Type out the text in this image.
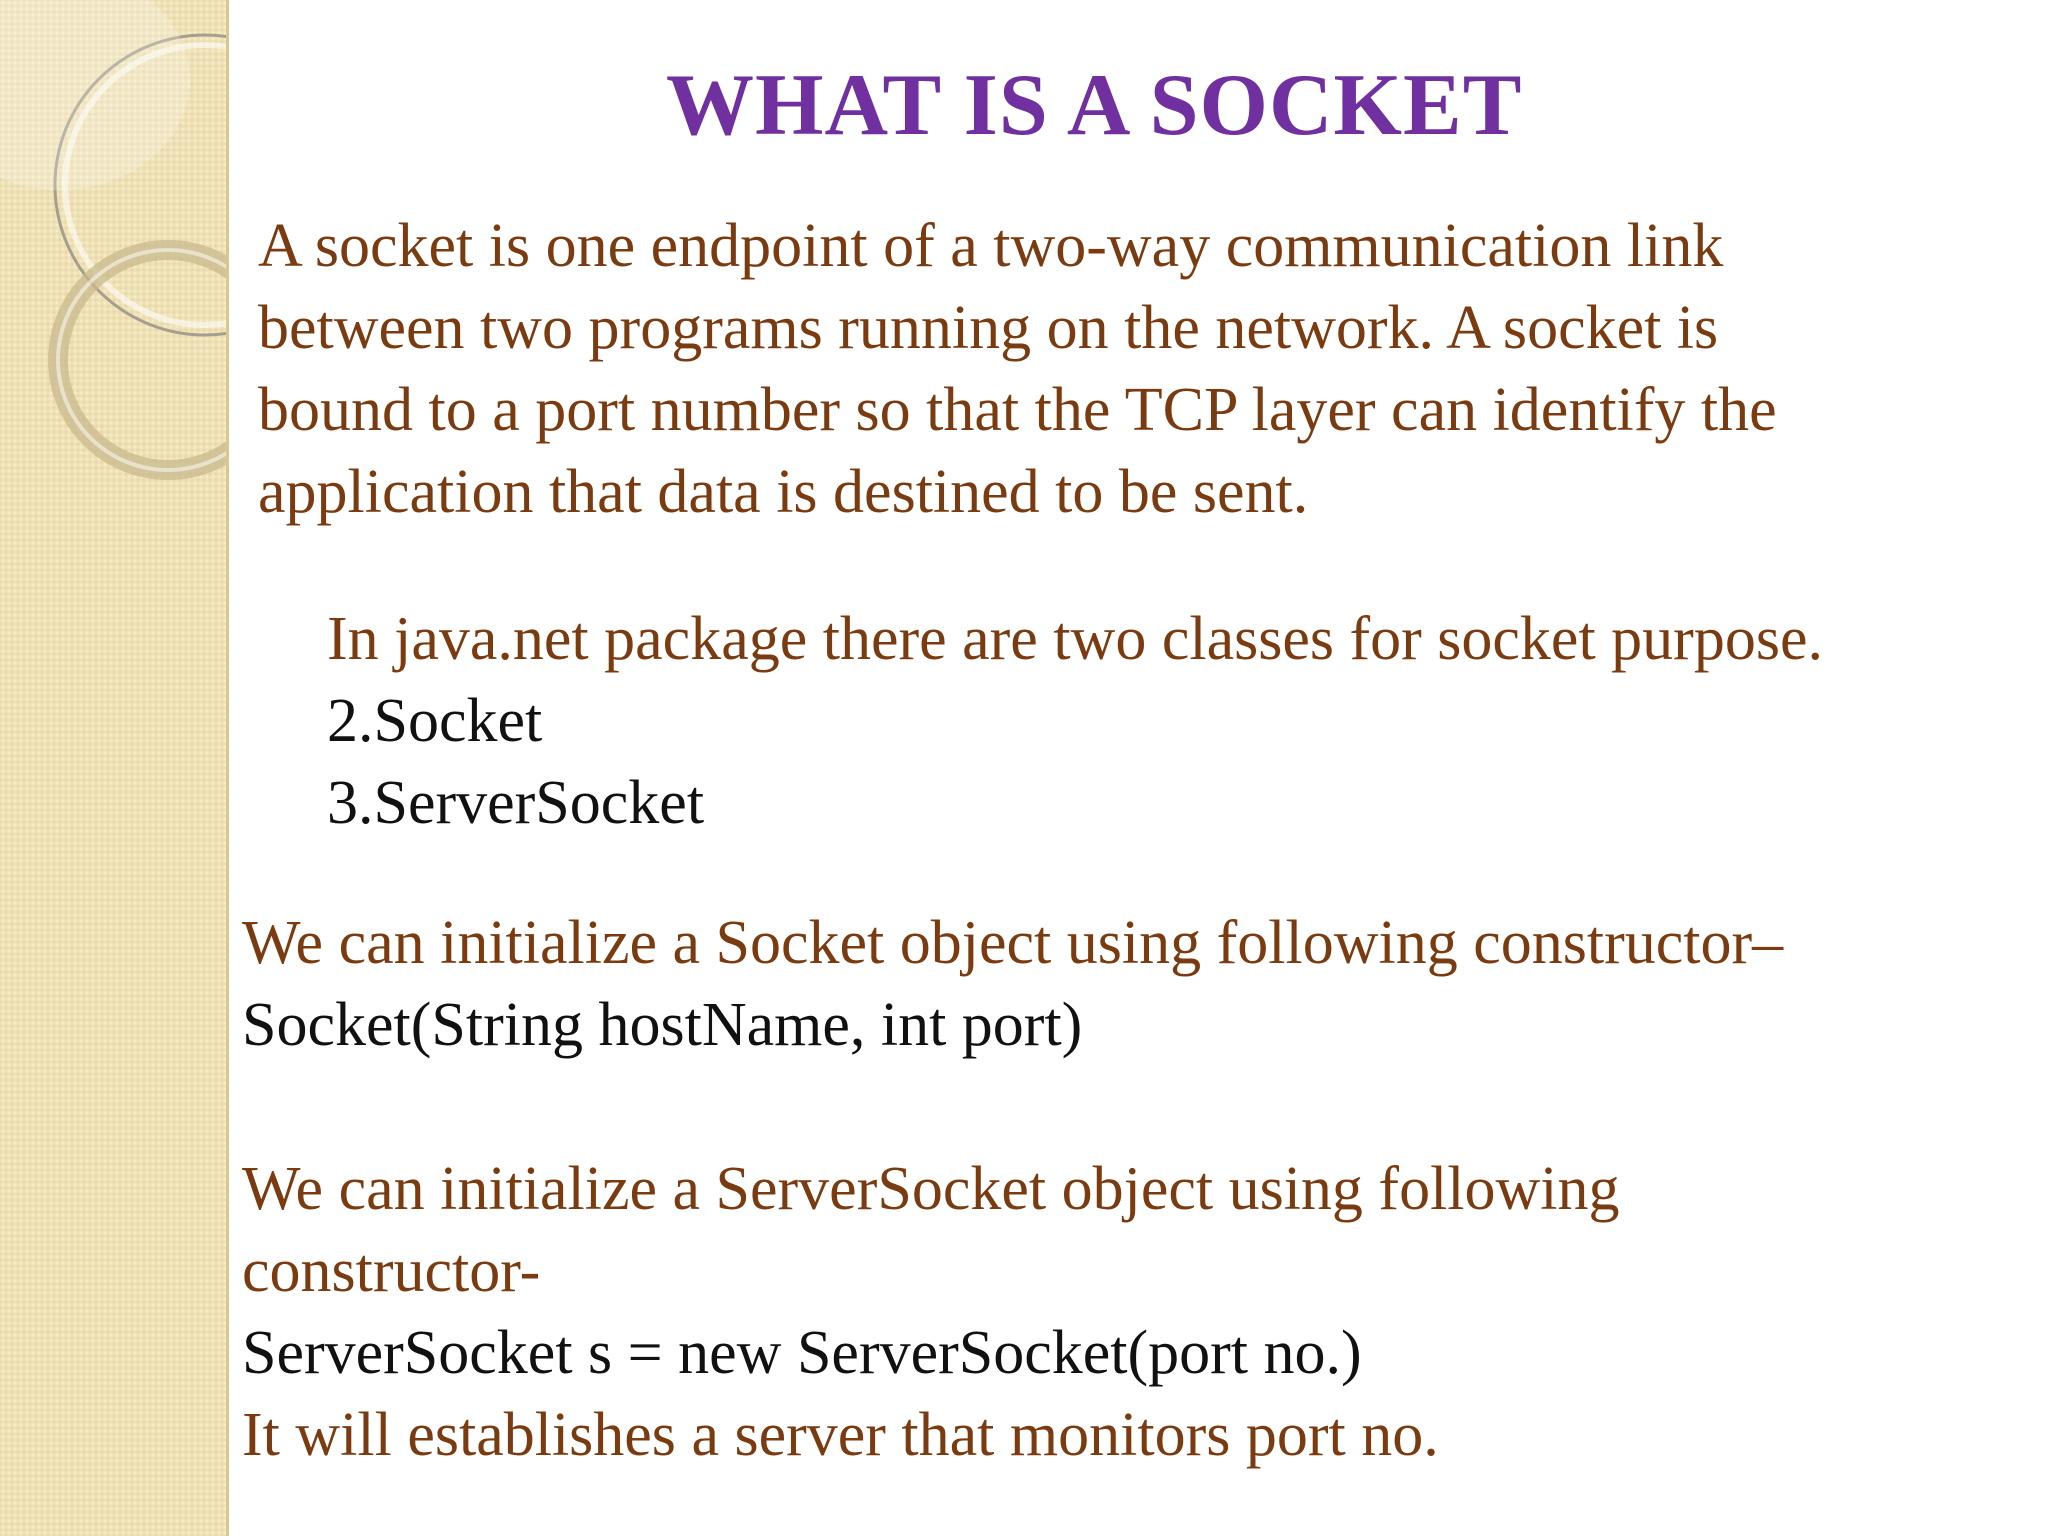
WHAT IS A SOCKET

A socket is one endpoint of a two-way communication link
between two programs running on the network. A socket is
bound to a port number so that the TCP layer can identify the
application that data is destined to be sent.

In java.net package there are two classes for socket purpose.
2.Socket
3.ServerSocket

We can initialize a Socket object using following constructor–
Socket(String hostName, int port)

We can initialize a ServerSocket object using following
constructor-
ServerSocket s = new ServerSocket(port no.)
It will establishes a server that monitors port no.
